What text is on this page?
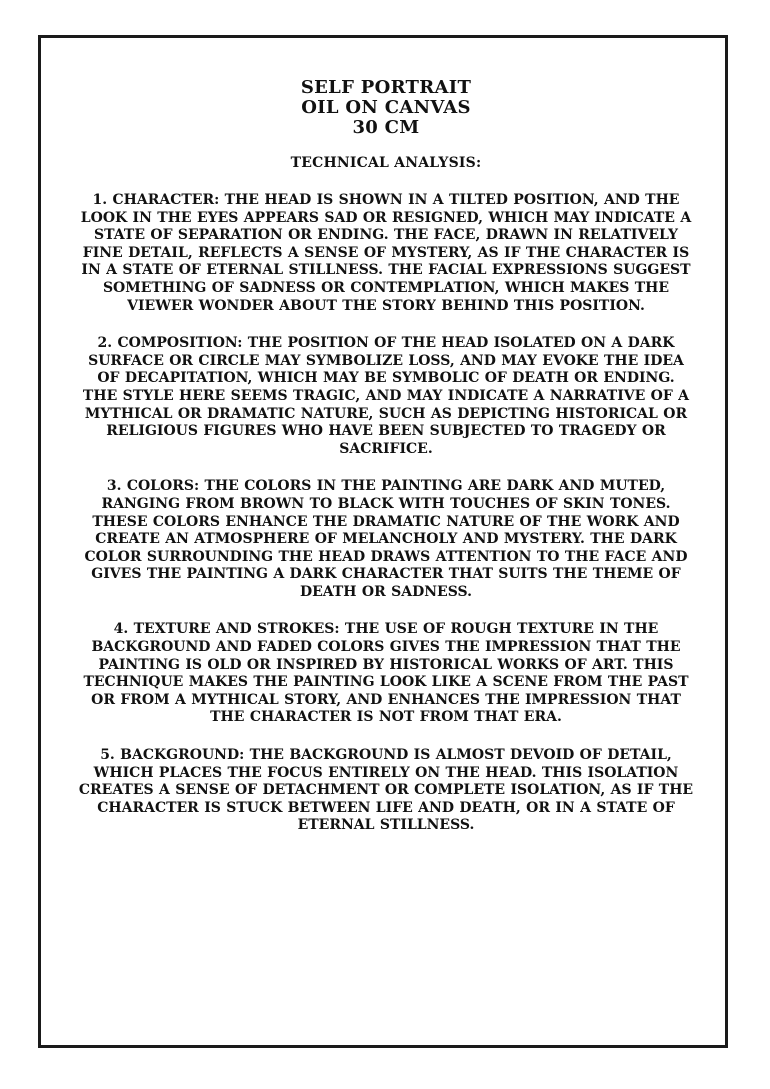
SELF PORTRAIT
OIL ON CANVAS
30 CM
TECHNICAL ANALYSIS:
1. CHARACTER: THE HEAD IS SHOWN IN A TILTED POSITION, AND THE LOOK IN THE EYES APPEARS SAD OR RESIGNED, WHICH MAY INDICATE A STATE OF SEPARATION OR ENDING. THE FACE, DRAWN IN RELATIVELY FINE DETAIL, REFLECTS A SENSE OF MYSTERY, AS IF THE CHARACTER IS IN A STATE OF ETERNAL STILLNESS. THE FACIAL EXPRESSIONS SUGGEST SOMETHING OF SADNESS OR CONTEMPLATION, WHICH MAKES THE VIEWER WONDER ABOUT THE STORY BEHIND THIS POSITION.
2. COMPOSITION: THE POSITION OF THE HEAD ISOLATED ON A DARK SURFACE OR CIRCLE MAY SYMBOLIZE LOSS, AND MAY EVOKE THE IDEA OF DECAPITATION, WHICH MAY BE SYMBOLIC OF DEATH OR ENDING. THE STYLE HERE SEEMS TRAGIC, AND MAY INDICATE A NARRATIVE OF A MYTHICAL OR DRAMATIC NATURE, SUCH AS DEPICTING HISTORICAL OR RELIGIOUS FIGURES WHO HAVE BEEN SUBJECTED TO TRAGEDY OR SACRIFICE.
3. COLORS: THE COLORS IN THE PAINTING ARE DARK AND MUTED, RANGING FROM BROWN TO BLACK WITH TOUCHES OF SKIN TONES. THESE COLORS ENHANCE THE DRAMATIC NATURE OF THE WORK AND CREATE AN ATMOSPHERE OF MELANCHOLY AND MYSTERY. THE DARK COLOR SURROUNDING THE HEAD DRAWS ATTENTION TO THE FACE AND GIVES THE PAINTING A DARK CHARACTER THAT SUITS THE THEME OF DEATH OR SADNESS.
4. TEXTURE AND STROKES: THE USE OF ROUGH TEXTURE IN THE BACKGROUND AND FADED COLORS GIVES THE IMPRESSION THAT THE PAINTING IS OLD OR INSPIRED BY HISTORICAL WORKS OF ART. THIS TECHNIQUE MAKES THE PAINTING LOOK LIKE A SCENE FROM THE PAST OR FROM A MYTHICAL STORY, AND ENHANCES THE IMPRESSION THAT THE CHARACTER IS NOT FROM THAT ERA.
5. BACKGROUND: THE BACKGROUND IS ALMOST DEVOID OF DETAIL, WHICH PLACES THE FOCUS ENTIRELY ON THE HEAD. THIS ISOLATION CREATES A SENSE OF DETACHMENT OR COMPLETE ISOLATION, AS IF THE CHARACTER IS STUCK BETWEEN LIFE AND DEATH, OR IN A STATE OF ETERNAL STILLNESS.
